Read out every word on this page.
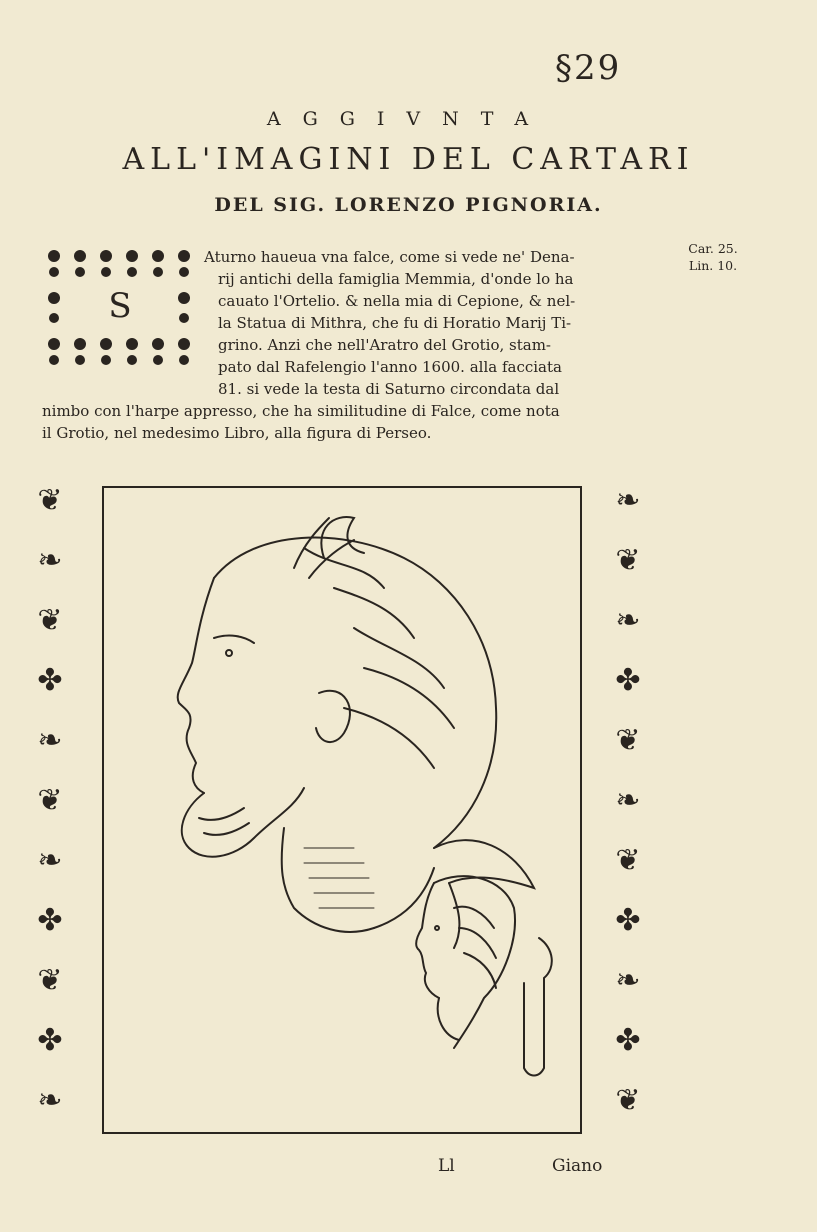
§29
AGGIVNTA
ALL'IMAGINI DEL CARTARI
DEL SIG. LORENZO PIGNORIA.
Car. 25.
Lin. 10.
S
Aturno haueua vna falce, come si vede ne' Dena-
rij antichi della famiglia Memmia, d'onde lo ha
cauato l'Ortelio. & nella mia di Cepione, & nel-
la Statua di Mithra, che fu di Horatio Marij Ti-
grino. Anzi che nell'Aratro del Grotio, stam-
pato dal Rafelengio l'anno 1600. alla facciata
81. si vede la testa di Saturno circondata dal
nimbo con l'harpe appresso, che ha similitudine di Falce, come nota
il Grotio, nel medesimo Libro, alla figura di Perseo.
❦
❧
❦
✤
❧
❦
❧
✤
❦
✤
❧
❧
❦
❧
✤
❦
❧
❦
✤
❧
✤
❦
Ll	Giano
